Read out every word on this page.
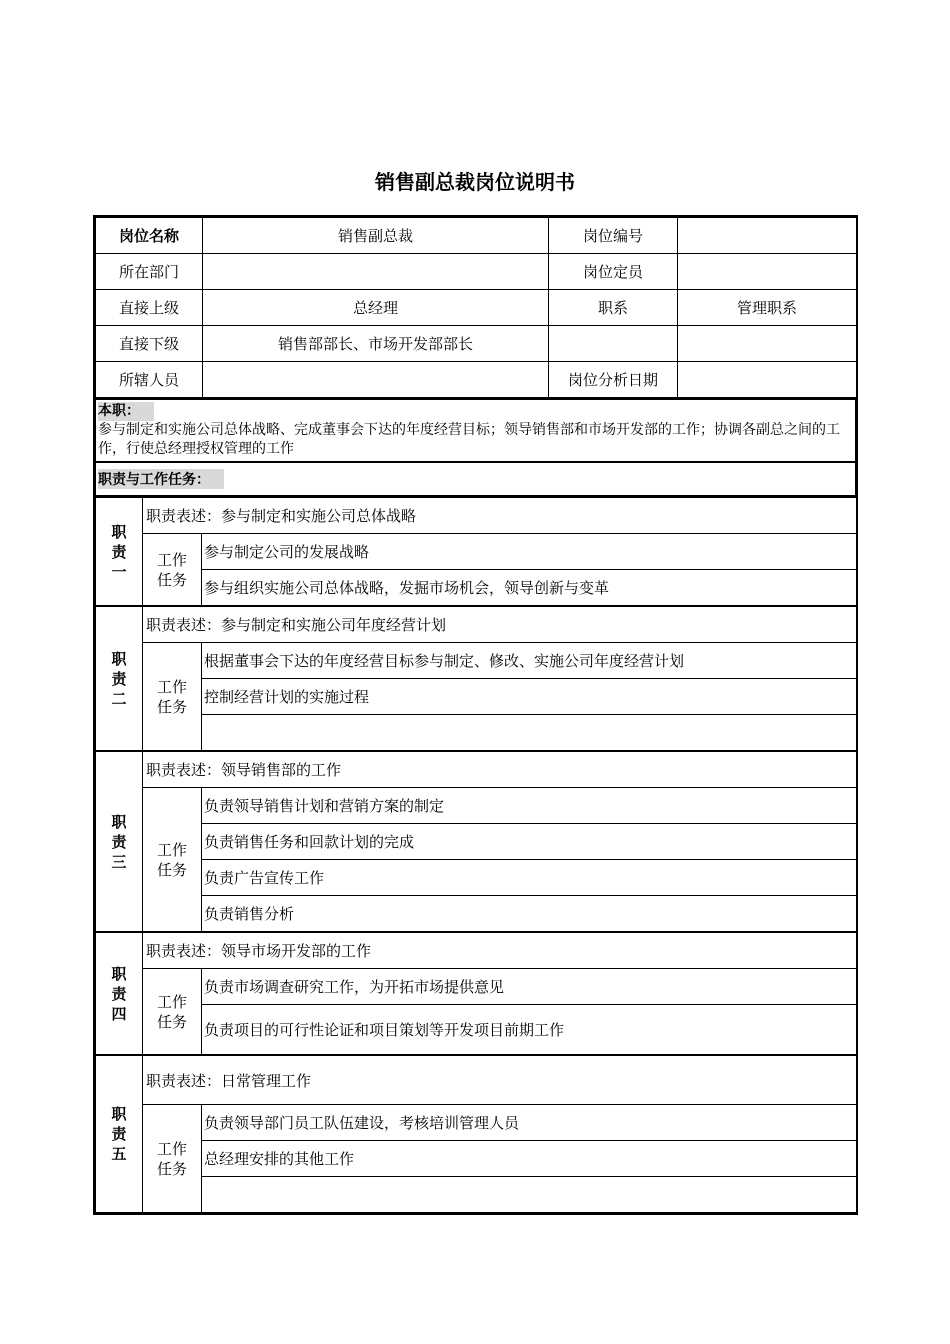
销售副总裁岗位说明书
岗位名称	销售副总裁	岗位编号	
所在部门		岗位定员	
直接上级	总经理	职系	管理职系
直接下级	销售部部长、市场开发部部长		
所辖人员		岗位分析日期	
本职：
参与制定和实施公司总体战略、完成董事会下达的年度经营目标；领导销售部和市场开发部的工作；协调各副总之间的工作，行使总经理授权管理的工作
职责与工作任务：
职责一	职责表述：参与制定和实施公司总体战略	
	工作任务	参与制定公司的发展战略
		参与组织实施公司总体战略，发掘市场机会，领导创新与变革
职责二	职责表述：参与制定和实施公司年度经营计划	
	工作任务	根据董事会下达的年度经营目标参与制定、修改、实施公司年度经营计划
		控制经营计划的实施过程

职责三	职责表述：领导销售部的工作	
	工作任务	负责领导销售计划和营销方案的制定
		负责销售任务和回款计划的完成
		负责广告宣传工作
		负责销售分析
职责四	职责表述：领导市场开发部的工作	
	工作任务	负责市场调查研究工作，为开拓市场提供意见
		负责项目的可行性论证和项目策划等开发项目前期工作
职责五	职责表述：日常管理工作	
	工作任务	负责领导部门员工队伍建设，考核培训管理人员
		总经理安排的其他工作
